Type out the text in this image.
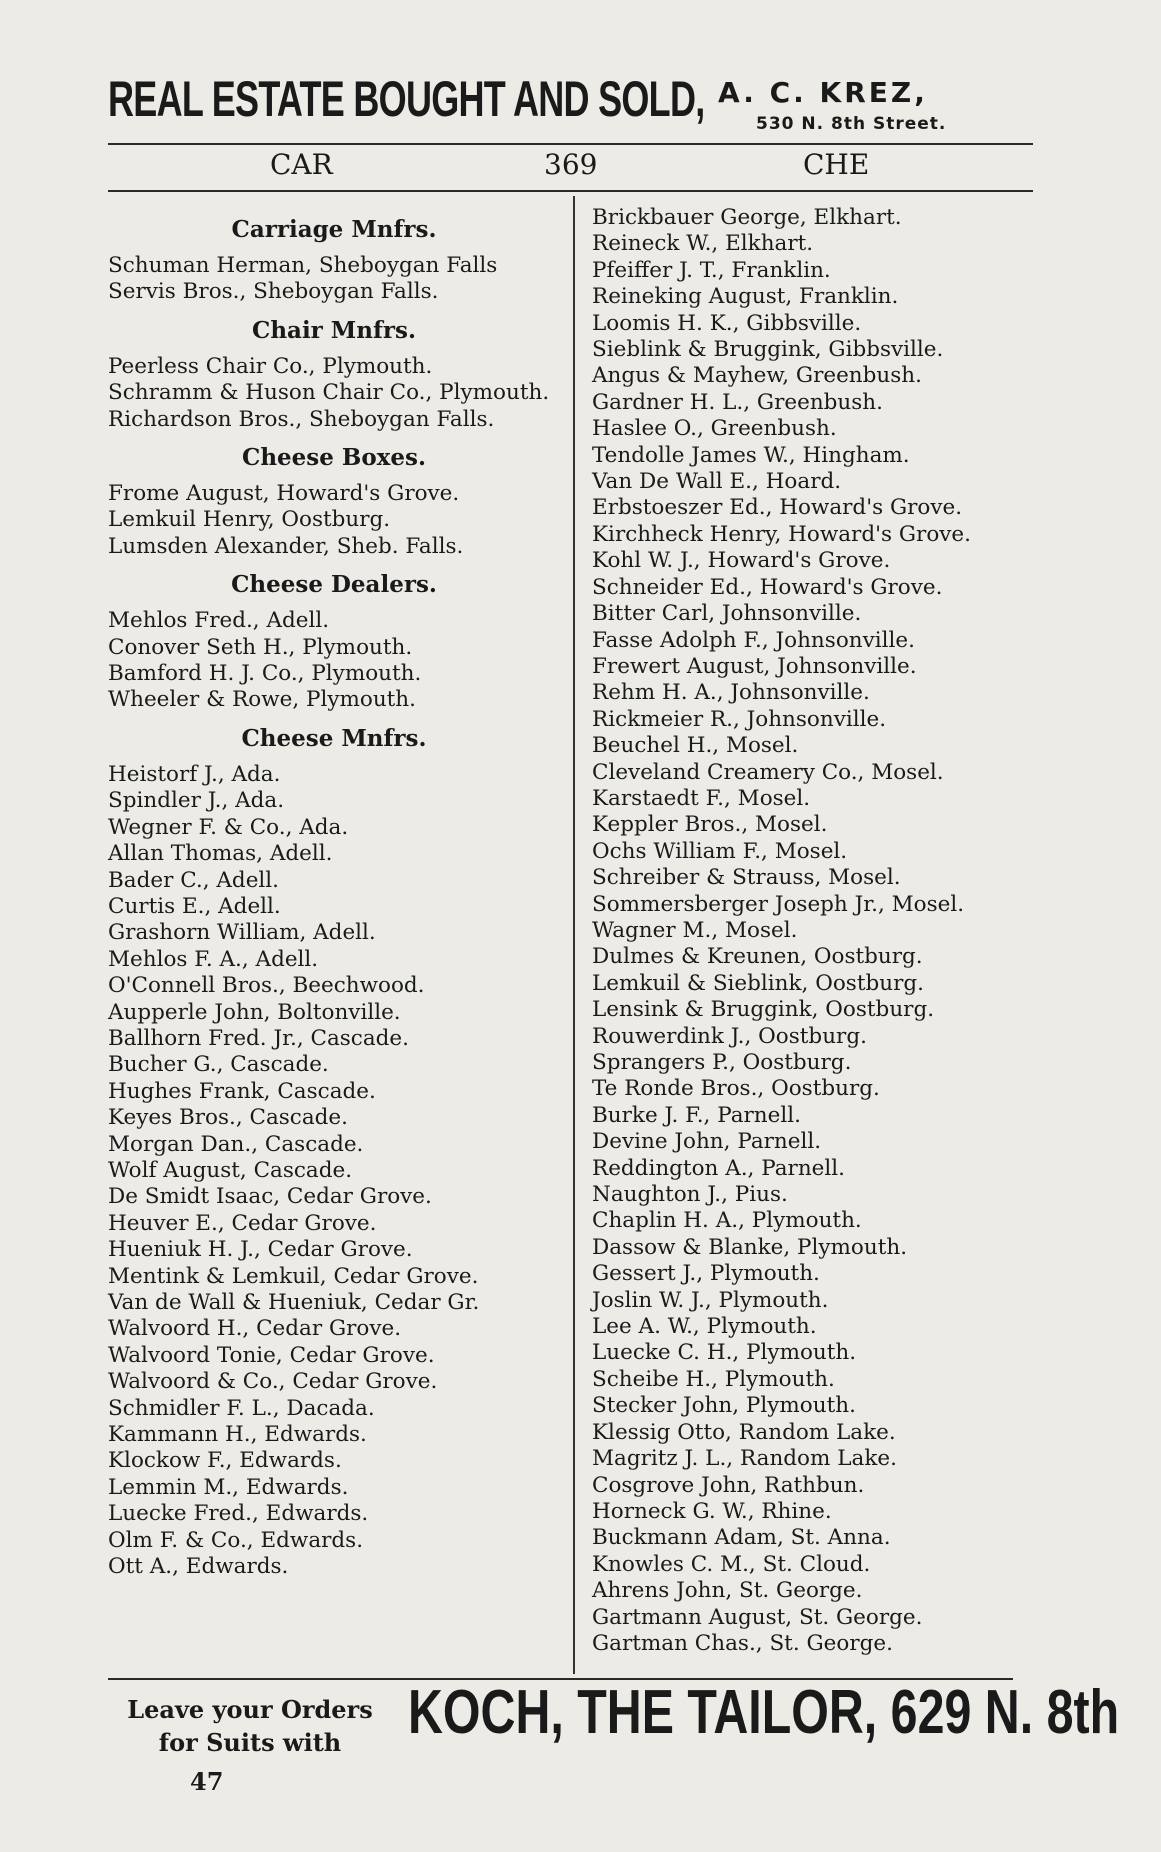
REAL ESTATE BOUGHT AND SOLD, A. C. KREZ,
530 N. 8th Street.
CAR	369	CHE
Carriage Mnfrs.
Schuman Herman, Sheboygan Falls
Servis Bros., Sheboygan Falls.
Chair Mnfrs.
Peerless Chair Co., Plymouth.
Schramm & Huson Chair Co., Plymouth.
Richardson Bros., Sheboygan Falls.
Cheese Boxes.
Frome August, Howard's Grove.
Lemkuil Henry, Oostburg.
Lumsden Alexander, Sheb. Falls.
Cheese Dealers.
Mehlos Fred., Adell.
Conover Seth H., Plymouth.
Bamford H. J. Co., Plymouth.
Wheeler & Rowe, Plymouth.
Cheese Mnfrs.
Heistorf J., Ada.
Spindler J., Ada.
Wegner F. & Co., Ada.
Allan Thomas, Adell.
Bader C., Adell.
Curtis E., Adell.
Grashorn William, Adell.
Mehlos F. A., Adell.
O'Connell Bros., Beechwood.
Aupperle John, Boltonville.
Ballhorn Fred. Jr., Cascade.
Bucher G., Cascade.
Hughes Frank, Cascade.
Keyes Bros., Cascade.
Morgan Dan., Cascade.
Wolf August, Cascade.
De Smidt Isaac, Cedar Grove.
Heuver E., Cedar Grove.
Hueniuk H. J., Cedar Grove.
Mentink & Lemkuil, Cedar Grove.
Van de Wall & Hueniuk, Cedar Gr.
Walvoord H., Cedar Grove.
Walvoord Tonie, Cedar Grove.
Walvoord & Co., Cedar Grove.
Schmidler F. L., Dacada.
Kammann H., Edwards.
Klockow F., Edwards.
Lemmin M., Edwards.
Luecke Fred., Edwards.
Olm F. & Co., Edwards.
Ott A., Edwards.
Brickbauer George, Elkhart.
Reineck W., Elkhart.
Pfeiffer J. T., Franklin.
Reineking August, Franklin.
Loomis H. K., Gibbsville.
Sieblink & Bruggink, Gibbsville.
Angus & Mayhew, Greenbush.
Gardner H. L., Greenbush.
Haslee O., Greenbush.
Tendolle James W., Hingham.
Van De Wall E., Hoard.
Erbstoeszer Ed., Howard's Grove.
Kirchheck Henry, Howard's Grove.
Kohl W. J., Howard's Grove.
Schneider Ed., Howard's Grove.
Bitter Carl, Johnsonville.
Fasse Adolph F., Johnsonville.
Frewert August, Johnsonville.
Rehm H. A., Johnsonville.
Rickmeier R., Johnsonville.
Beuchel H., Mosel.
Cleveland Creamery Co., Mosel.
Karstaedt F., Mosel.
Keppler Bros., Mosel.
Ochs William F., Mosel.
Schreiber & Strauss, Mosel.
Sommersberger Joseph Jr., Mosel.
Wagner M., Mosel.
Dulmes & Kreunen, Oostburg.
Lemkuil & Sieblink, Oostburg.
Lensink & Bruggink, Oostburg.
Rouwerdink J., Oostburg.
Sprangers P., Oostburg.
Te Ronde Bros., Oostburg.
Burke J. F., Parnell.
Devine John, Parnell.
Reddington A., Parnell.
Naughton J., Pius.
Chaplin H. A., Plymouth.
Dassow & Blanke, Plymouth.
Gessert J., Plymouth.
Joslin W. J., Plymouth.
Lee A. W., Plymouth.
Luecke C. H., Plymouth.
Scheibe H., Plymouth.
Stecker John, Plymouth.
Klessig Otto, Random Lake.
Magritz J. L., Random Lake.
Cosgrove John, Rathbun.
Horneck G. W., Rhine.
Buckmann Adam, St. Anna.
Knowles C. M., St. Cloud.
Ahrens John, St. George.
Gartmann August, St. George.
Gartman Chas., St. George.
Leave your Orders
for Suits with	KOCH, THE TAILOR, 629 N. 8th
47
